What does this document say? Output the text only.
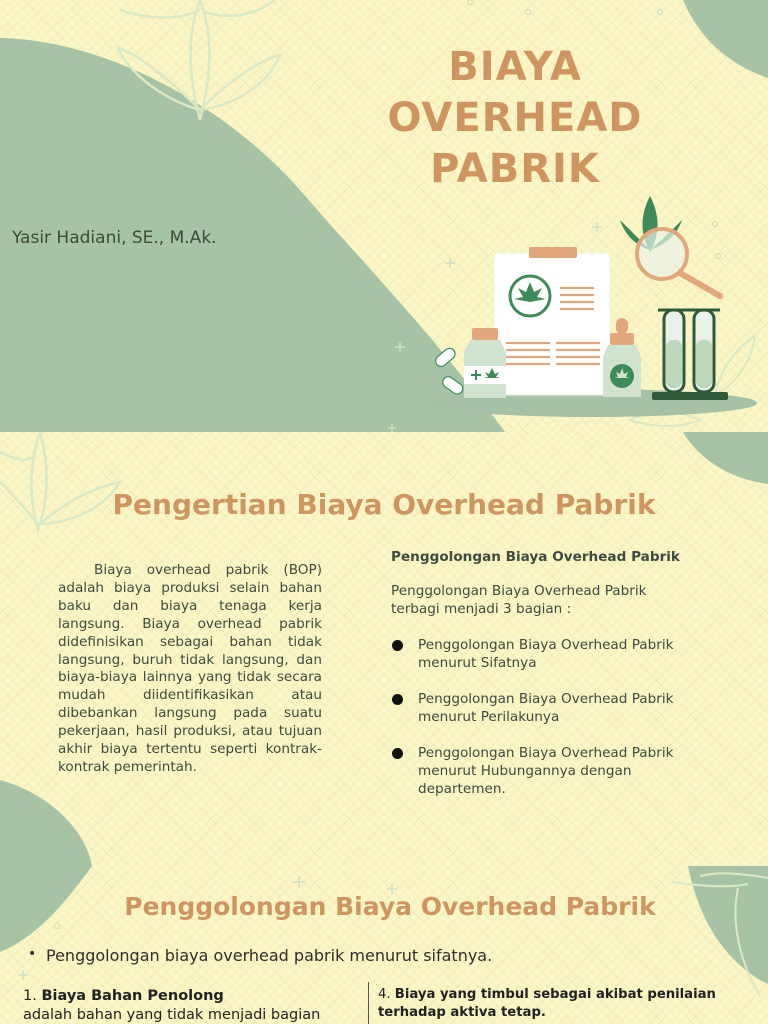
BIAYA
OVERHEAD
PABRIK
Yasir Hadiani, SE., M.Ak.
Pengertian Biaya Overhead Pabrik

Biaya overhead pabrik (BOP) adalah biaya produksi selain bahan baku dan biaya tenaga kerja langsung. Biaya overhead pabrik didefinisikan sebagai bahan tidak langsung, buruh tidak langsung, dan biaya-biaya lainnya yang tidak secara mudah diidentifikasikan atau dibebankan langsung pada suatu pekerjaan, hasil produksi, atau tujuan akhir biaya tertentu seperti kontrak-kontrak pemerintah.

Penggolongan Biaya Overhead Pabrik
Penggolongan Biaya Overhead Pabrik terbagi menjadi 3 bagian :
Penggolongan Biaya Overhead Pabrik menurut Sifatnya
Penggolongan Biaya Overhead Pabrik menurut Perilakunya
Penggolongan Biaya Overhead Pabrik menurut Hubungannya dengan departemen.
Penggolongan Biaya Overhead Pabrik
• Penggolongan biaya overhead pabrik menurut sifatnya.
1. Biaya Bahan Penolong
adalah bahan yang tidak menjadi bagian
4. Biaya yang timbul sebagai akibat penilaian terhadap aktiva tetap.
